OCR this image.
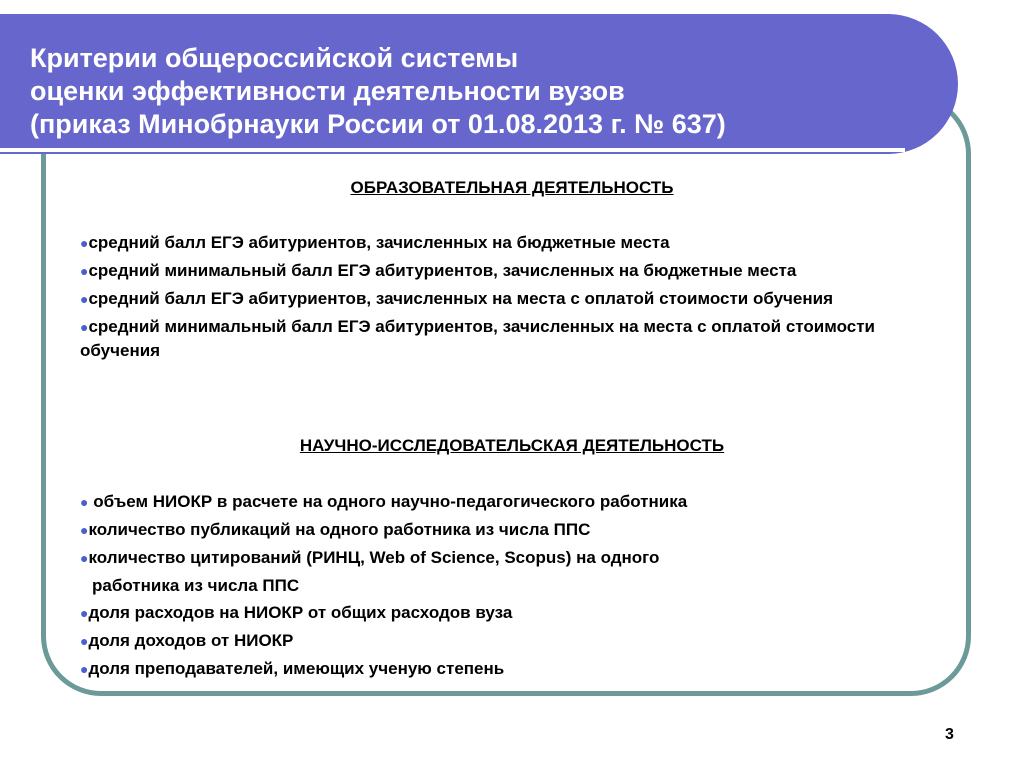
Критерии общероссийской системы
оценки эффективности деятельности вузов
(приказ Минобрнауки России от 01.08.2013 г. № 637)
ОБРАЗОВАТЕЛЬНАЯ ДЕЯТЕЛЬНОСТЬ
●средний балл ЕГЭ абитуриентов, зачисленных на бюджетные места
●средний минимальный балл ЕГЭ абитуриентов, зачисленных на бюджетные места
●средний балл ЕГЭ абитуриентов, зачисленных на места с оплатой стоимости обучения
●средний минимальный балл ЕГЭ абитуриентов, зачисленных на места с оплатой стоимости обучения
НАУЧНО-ИССЛЕДОВАТЕЛЬСКАЯ ДЕЯТЕЛЬНОСТЬ
● объем НИОКР в расчете на одного научно-педагогического работника
●количество публикаций на одного работника из числа ППС
●количество цитирований (РИНЦ, Web of Science, Scopus) на одного
работника из числа ППС
●доля расходов на НИОКР от общих расходов вуза
●доля доходов от НИОКР
●доля преподавателей, имеющих ученую степень
3
